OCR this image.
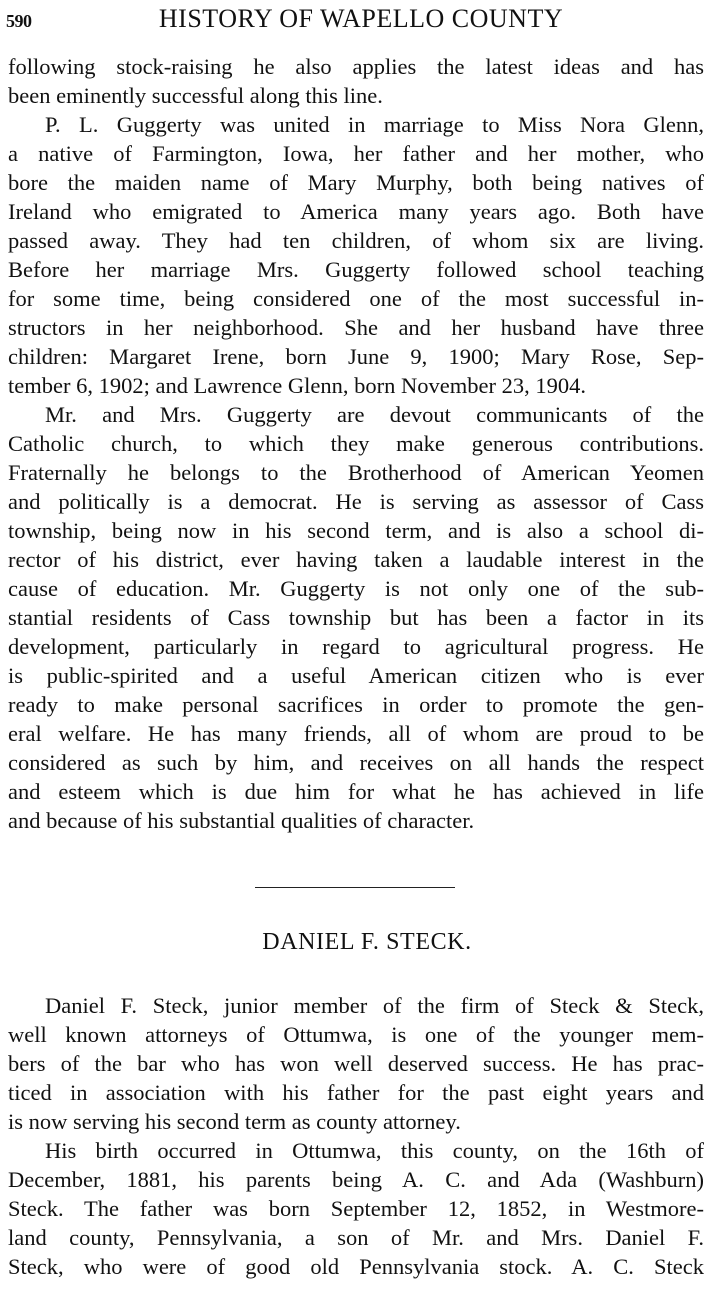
590	HISTORY OF WAPELLO COUNTY
following stock-raising he also applies the latest ideas and has
been eminently successful along this line.
P. L. Guggerty was united in marriage to Miss Nora Glenn,
a native of Farmington, Iowa, her father and her mother, who
bore the maiden name of Mary Murphy, both being natives of
Ireland who emigrated to America many years ago. Both have
passed away. They had ten children, of whom six are living.
Before her marriage Mrs. Guggerty followed school teaching
for some time, being considered one of the most successful in-
structors in her neighborhood. She and her husband have three
children: Margaret Irene, born June 9, 1900; Mary Rose, Sep-
tember 6, 1902; and Lawrence Glenn, born November 23, 1904.
Mr. and Mrs. Guggerty are devout communicants of the
Catholic church, to which they make generous contributions.
Fraternally he belongs to the Brotherhood of American Yeomen
and politically is a democrat. He is serving as assessor of Cass
township, being now in his second term, and is also a school di-
rector of his district, ever having taken a laudable interest in the
cause of education. Mr. Guggerty is not only one of the sub-
stantial residents of Cass township but has been a factor in its
development, particularly in regard to agricultural progress. He
is public-spirited and a useful American citizen who is ever
ready to make personal sacrifices in order to promote the gen-
eral welfare. He has many friends, all of whom are proud to be
considered as such by him, and receives on all hands the respect
and esteem which is due him for what he has achieved in life
and because of his substantial qualities of character.
DANIEL F. STECK.
Daniel F. Steck, junior member of the firm of Steck & Steck,
well known attorneys of Ottumwa, is one of the younger mem-
bers of the bar who has won well deserved success. He has prac-
ticed in association with his father for the past eight years and
is now serving his second term as county attorney.
His birth occurred in Ottumwa, this county, on the 16th of
December, 1881, his parents being A. C. and Ada (Washburn)
Steck. The father was born September 12, 1852, in Westmore-
land county, Pennsylvania, a son of Mr. and Mrs. Daniel F.
Steck, who were of good old Pennsylvania stock. A. C. Steck
